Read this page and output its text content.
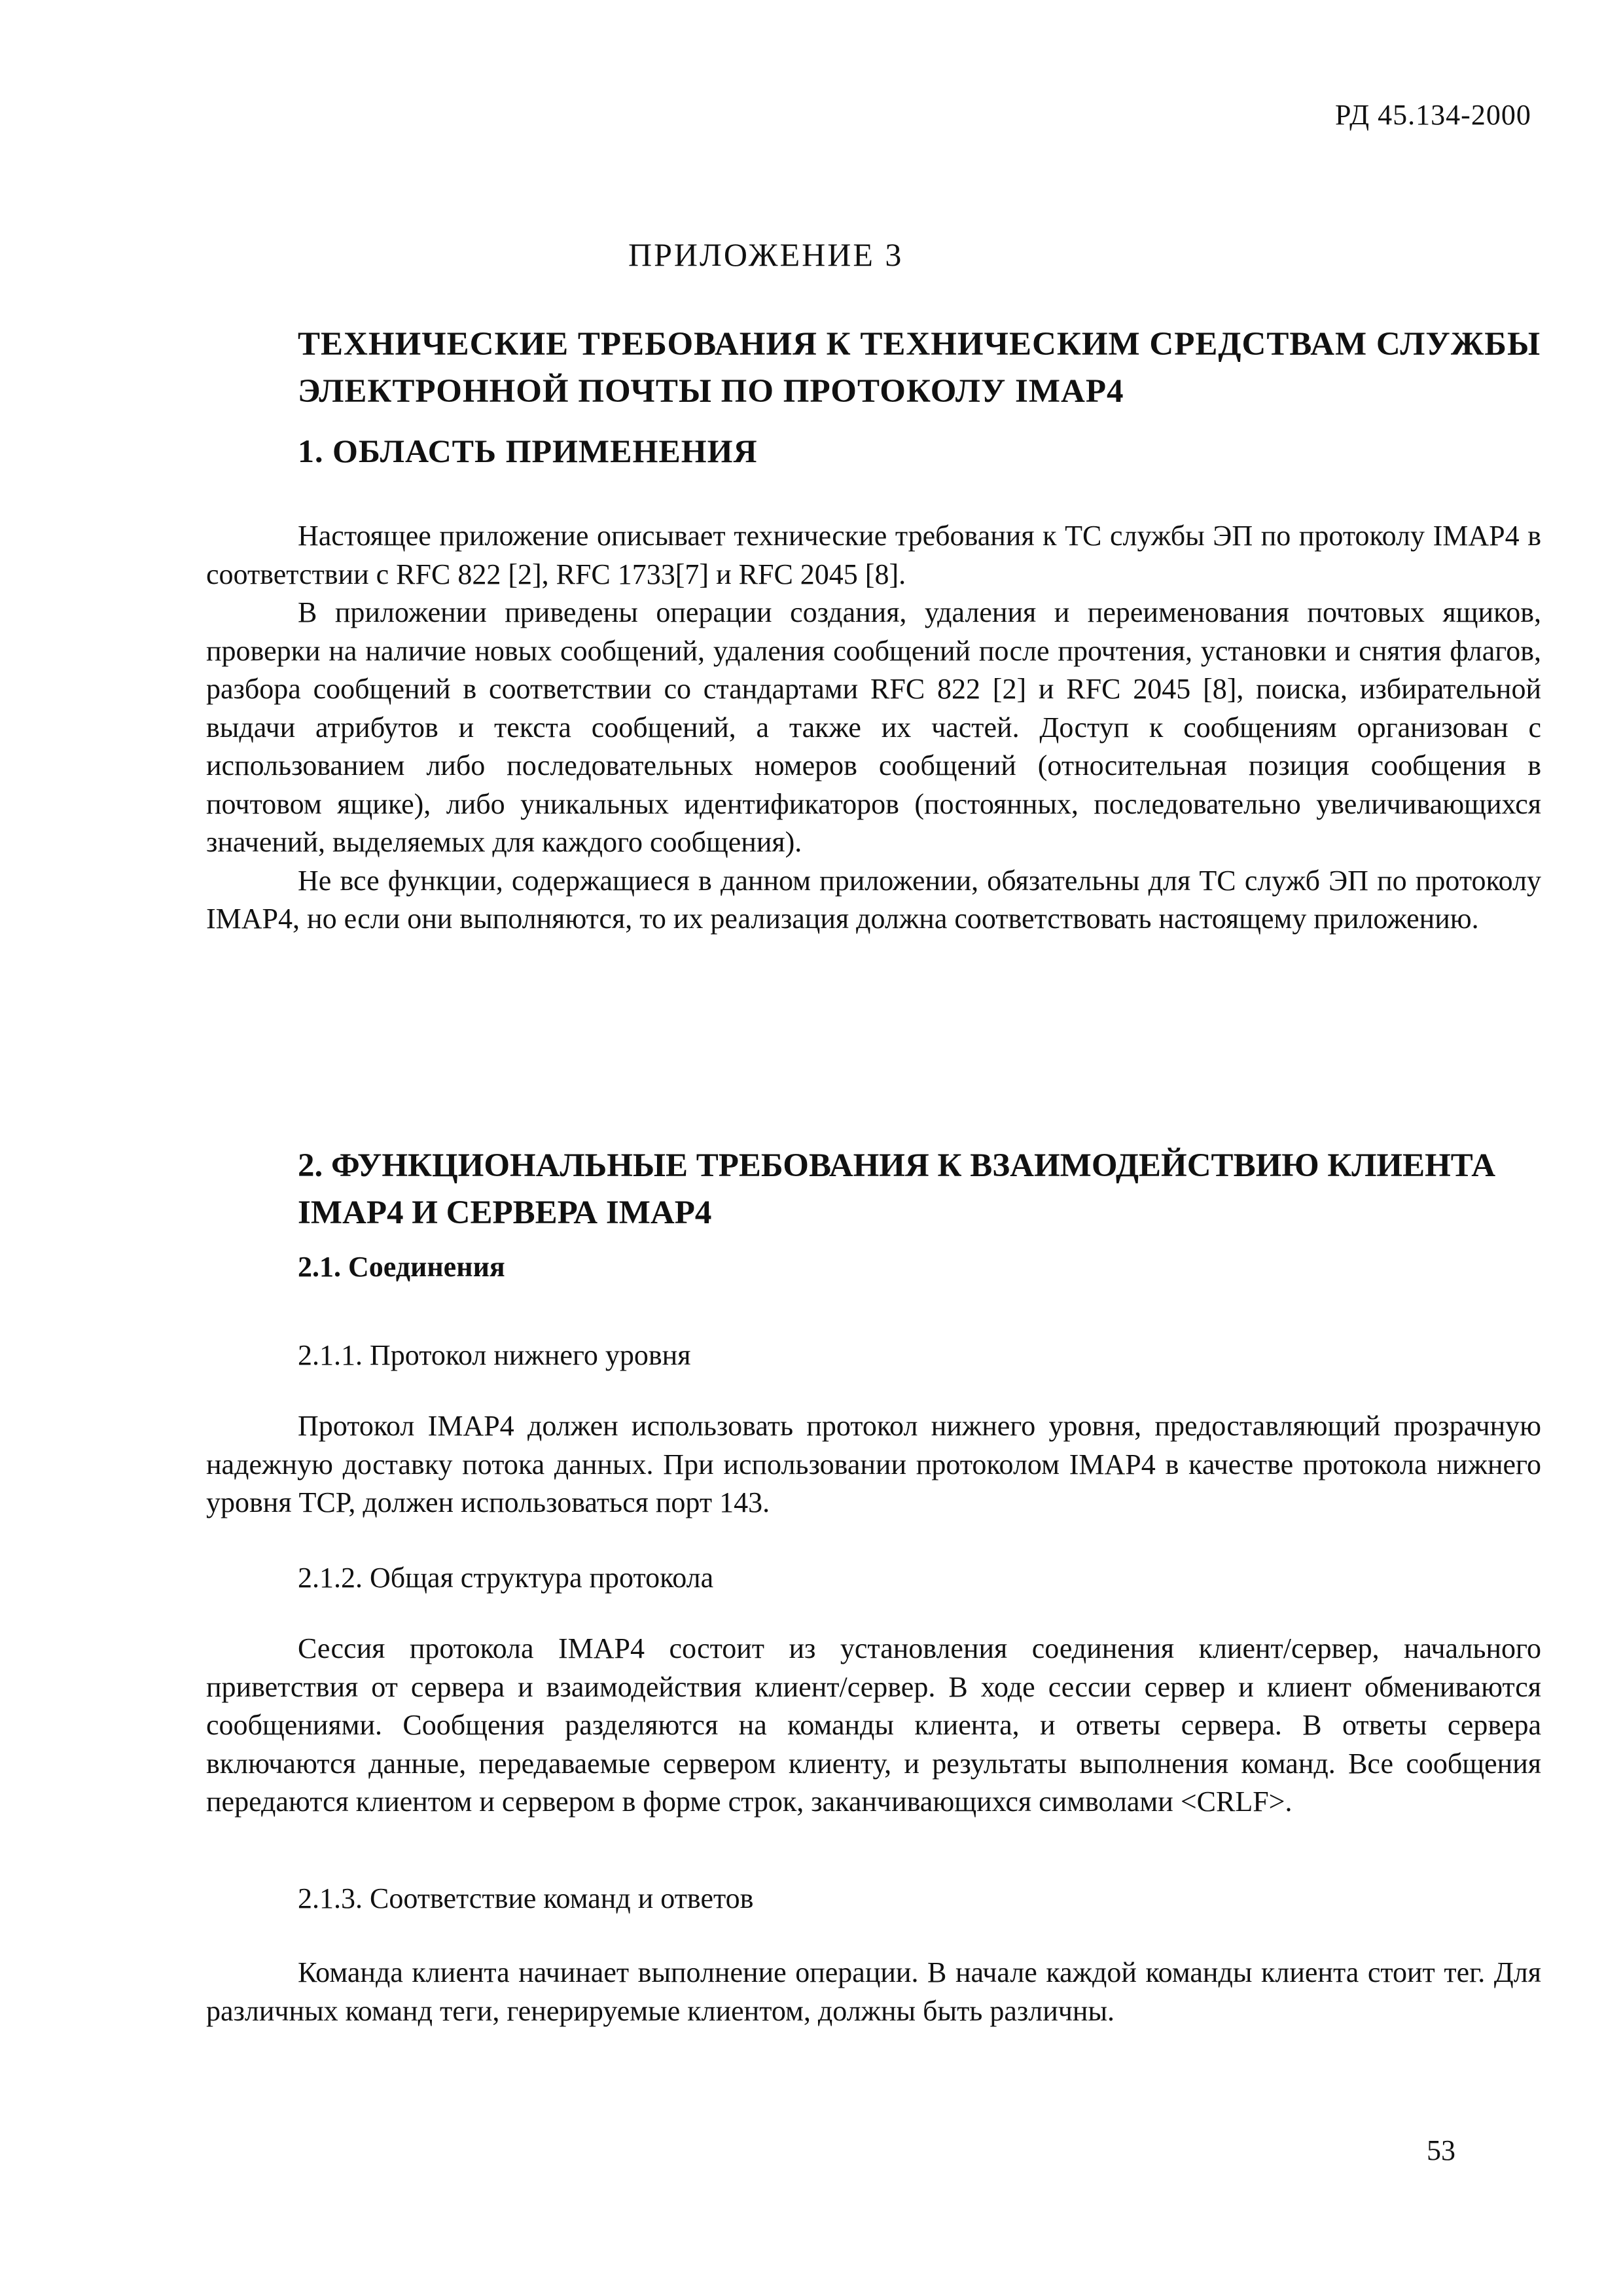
РД 45.134-2000
ПРИЛОЖЕНИЕ 3
ТЕХНИЧЕСКИЕ ТРЕБОВАНИЯ К ТЕХНИЧЕСКИМ СРЕДСТВАМ СЛУЖБЫ ЭЛЕКТРОННОЙ ПОЧТЫ ПО ПРОТОКОЛУ IMAP4
1. ОБЛАСТЬ ПРИМЕНЕНИЯ
Настоящее приложение описывает технические требования к ТС службы ЭП по протоколу IMAP4 в соответствии с RFC 822 [2], RFC 1733[7] и RFC 2045 [8].
В приложении приведены операции создания, удаления и переименования почтовых ящиков, проверки на наличие новых сообщений, удаления сообщений после прочтения, установки и снятия флагов, разбора сообщений в соответствии со стандартами RFC 822 [2] и RFC 2045 [8], поиска, избирательной выдачи атрибутов и текста сообщений, а также их частей. Доступ к сообщениям организован с использованием либо последовательных номеров сообщений (относительная позиция сообщения в почтовом ящике), либо уникальных идентификаторов (постоянных, последовательно увеличивающихся значений, выделяемых для каждого сообщения).
Не все функции, содержащиеся в данном приложении, обязательны для ТС служб ЭП по протоколу IMAP4, но если они выполняются, то их реализация должна соответствовать настоящему приложению.
2. ФУНКЦИОНАЛЬНЫЕ ТРЕБОВАНИЯ К ВЗАИМОДЕЙСТВИЮ КЛИЕНТА IMAP4 И СЕРВЕРА IMAP4
2.1. Соединения
2.1.1. Протокол нижнего уровня
Протокол IMAP4 должен использовать протокол нижнего уровня, предоставляющий прозрачную надежную доставку потока данных. При использовании протоколом IMAP4 в качестве протокола нижнего уровня TCP, должен использоваться порт 143.
2.1.2. Общая структура протокола
Сессия протокола IMAP4 состоит из установления соединения клиент/сервер, начального приветствия от сервера и взаимодействия клиент/сервер. В ходе сессии сервер и клиент обмениваются сообщениями. Сообщения разделяются на команды клиента, и ответы сервера. В ответы сервера включаются данные, передаваемые сервером клиенту, и результаты выполнения команд. Все сообщения передаются клиентом и сервером в форме строк, заканчивающихся символами <CRLF>.
2.1.3. Соответствие команд и ответов
Команда клиента начинает выполнение операции. В начале каждой команды клиента стоит тег. Для различных команд теги, генерируемые клиентом, должны быть различны.
53
